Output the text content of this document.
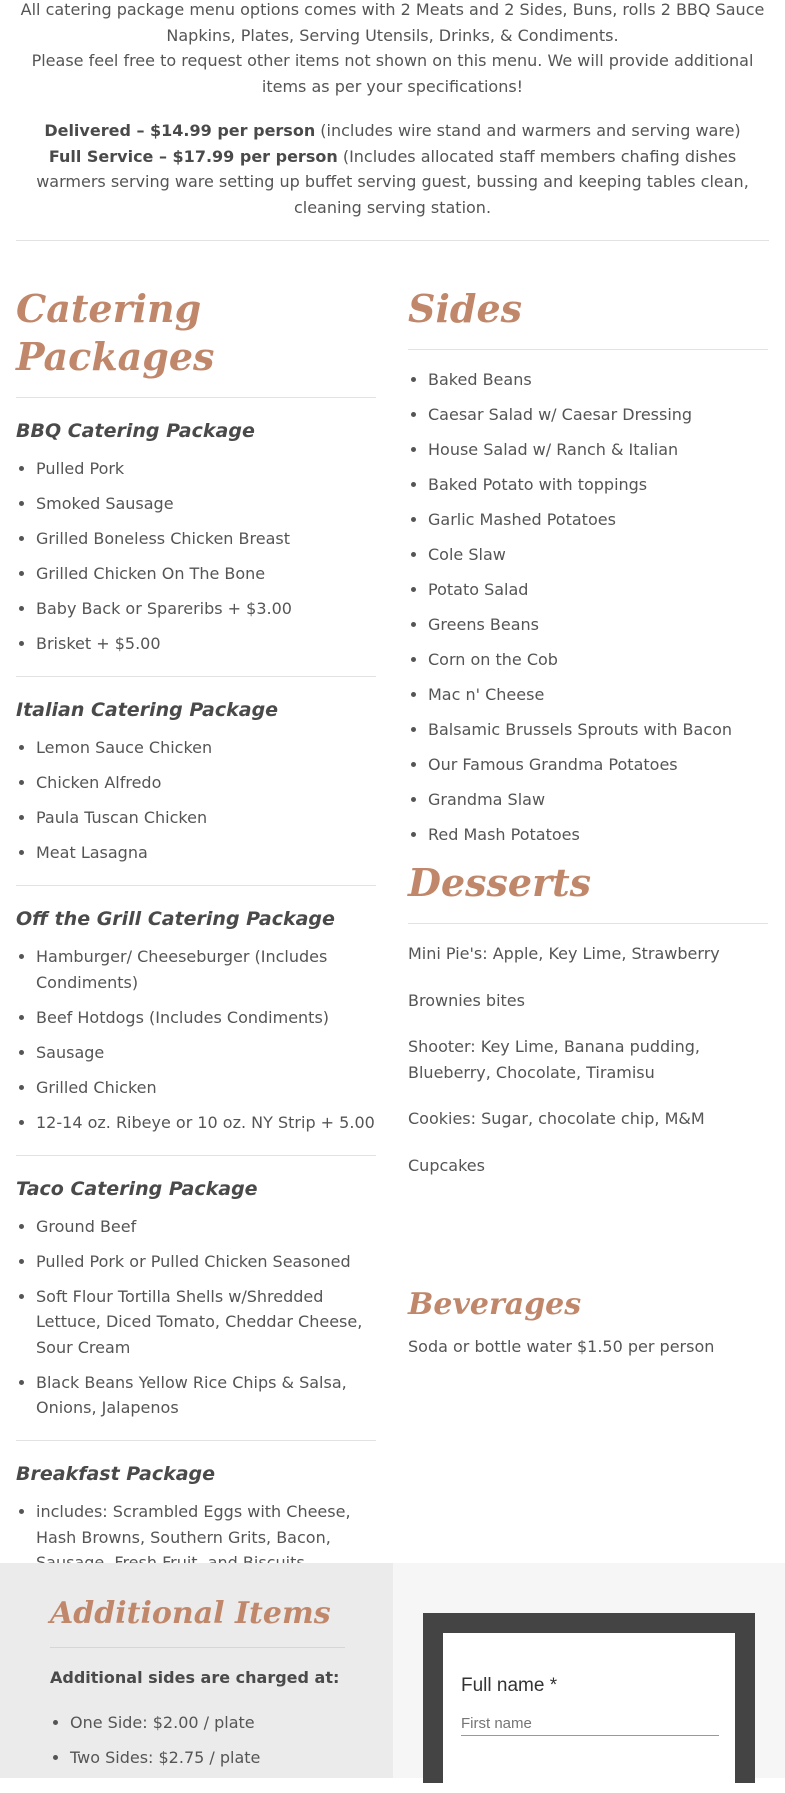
All catering package menu options comes with 2 Meats and 2 Sides, Buns, rolls 2 BBQ Sauce Napkins, Plates, Serving Utensils, Drinks, & Condiments.

Please feel free to request other items not shown on this menu. We will provide additional items as per your specifications!

Delivered – $14.99 per person (includes wire stand and warmers and serving ware)

Full Service – $17.99 per person (Includes allocated staff members chafing dishes warmers serving ware setting up buffet serving guest, bussing and keeping tables clean, cleaning serving station.

Catering Packages
BBQ Catering Package
• Pulled Pork
• Smoked Sausage
• Grilled Boneless Chicken Breast
• Grilled Chicken On The Bone
• Baby Back or Spareribs + $3.00
• Brisket + $5.00
Italian Catering Package
• Lemon Sauce Chicken
• Chicken Alfredo
• Paula Tuscan Chicken
• Meat Lasagna
Off the Grill Catering Package
• Hamburger/ Cheeseburger (Includes Condiments)
• Beef Hotdogs (Includes Condiments)
• Sausage
• Grilled Chicken
• 12-14 oz. Ribeye or 10 oz. NY Strip + 5.00
Taco Catering Package
• Ground Beef
• Pulled Pork or Pulled Chicken Seasoned
• Soft Flour Tortilla Shells w/Shredded Lettuce, Diced Tomato, Cheddar Cheese, Sour Cream
• Black Beans Yellow Rice Chips & Salsa, Onions, Jalapenos
Breakfast Package
• includes: Scrambled Eggs with Cheese, Hash Browns, Southern Grits, Bacon,
Sides
• Baked Beans
• Caesar Salad w/ Caesar Dressing
• House Salad w/ Ranch & Italian
• Baked Potato with toppings
• Garlic Mashed Potatoes
• Cole Slaw
• Potato Salad
• Greens Beans
• Corn on the Cob
• Mac n' Cheese
• Balsamic Brussels Sprouts with Bacon
• Our Famous Grandma Potatoes
• Grandma Slaw
• Red Mash Potatoes
Desserts

Mini Pie's: Apple, Key Lime, Strawberry

Brownies bites

Shooter: Key Lime, Banana pudding, Blueberry, Chocolate, Tiramisu

Cookies: Sugar, chocolate chip, M&M

Cupcakes

Beverages

Soda or bottle water $1.50 per person

Additional Items

Additional sides are charged at:

• One Side: $2.00 / plate
• Two Sides: $2.75 / plate
Full name *
First name
